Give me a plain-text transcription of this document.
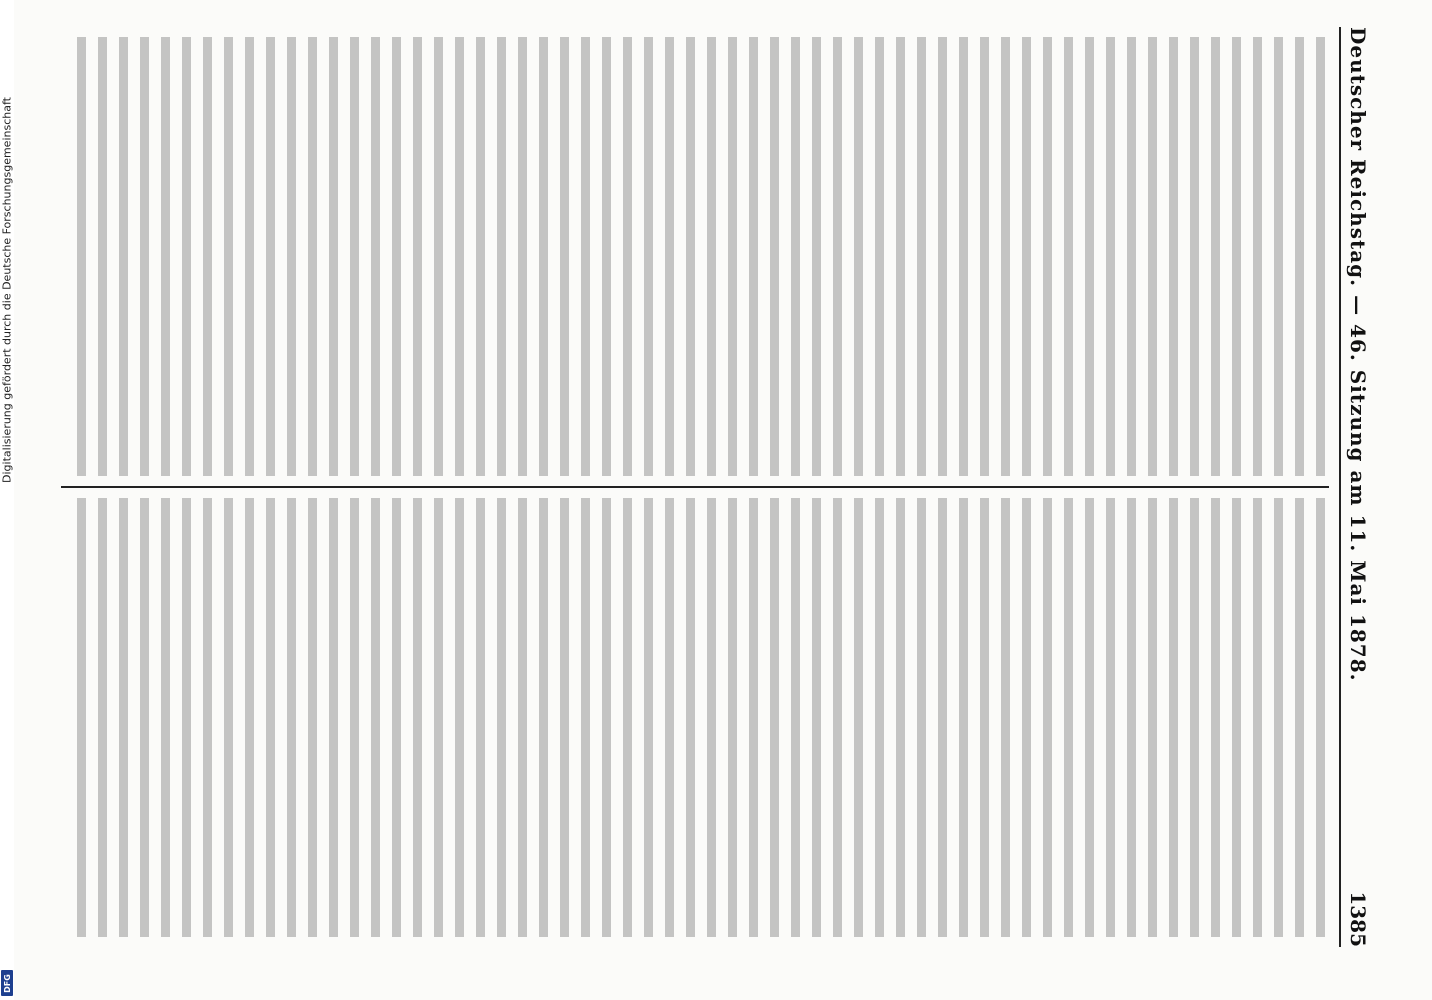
Deutscher Reichstag. — 46. Sitzung am 11. Mai 1878.
1385
Digitalisierung gefördert durch die Deutsche Forschungsgemeinschaft
DFG
